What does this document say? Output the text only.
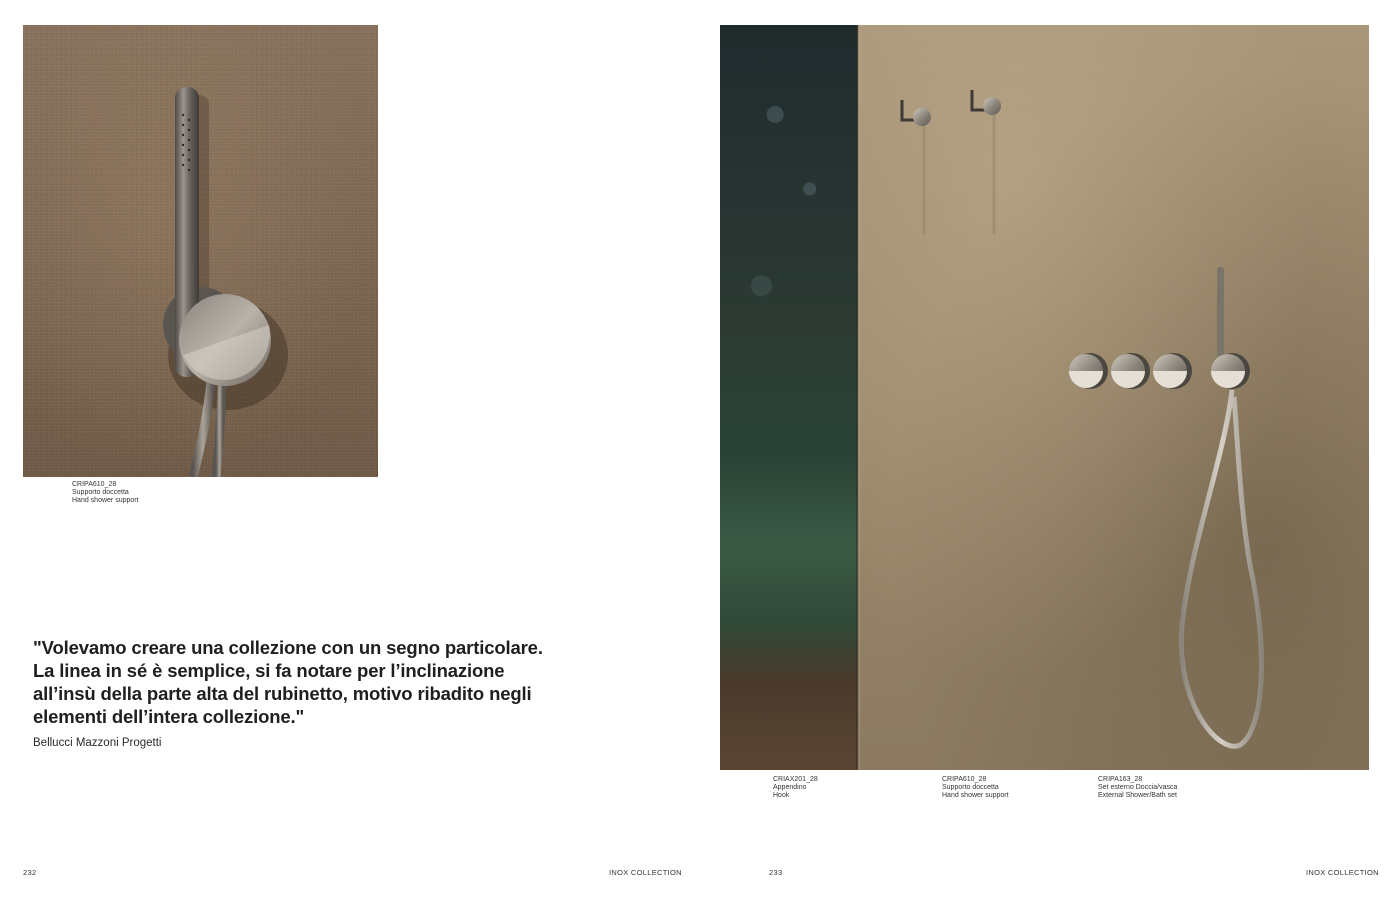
CRIPA610_28
Supporto doccetta
Hand shower support
"Volevamo creare una collezione con un segno particolare.
La linea in sé è semplice, si fa notare per l’inclinazione
all’insù della parte alta del rubinetto, motivo ribadito negli
elementi dell’intera collezione."
Bellucci Mazzoni Progetti
232	INOX COLLECTION
CRIAX201_28
Appendino
Hook
CRIPA610_28
Supporto doccetta
Hand shower support
CRIPA163_28
Set esterno Doccia/vasca
External Shower/Bath set
233	INOX COLLECTION
